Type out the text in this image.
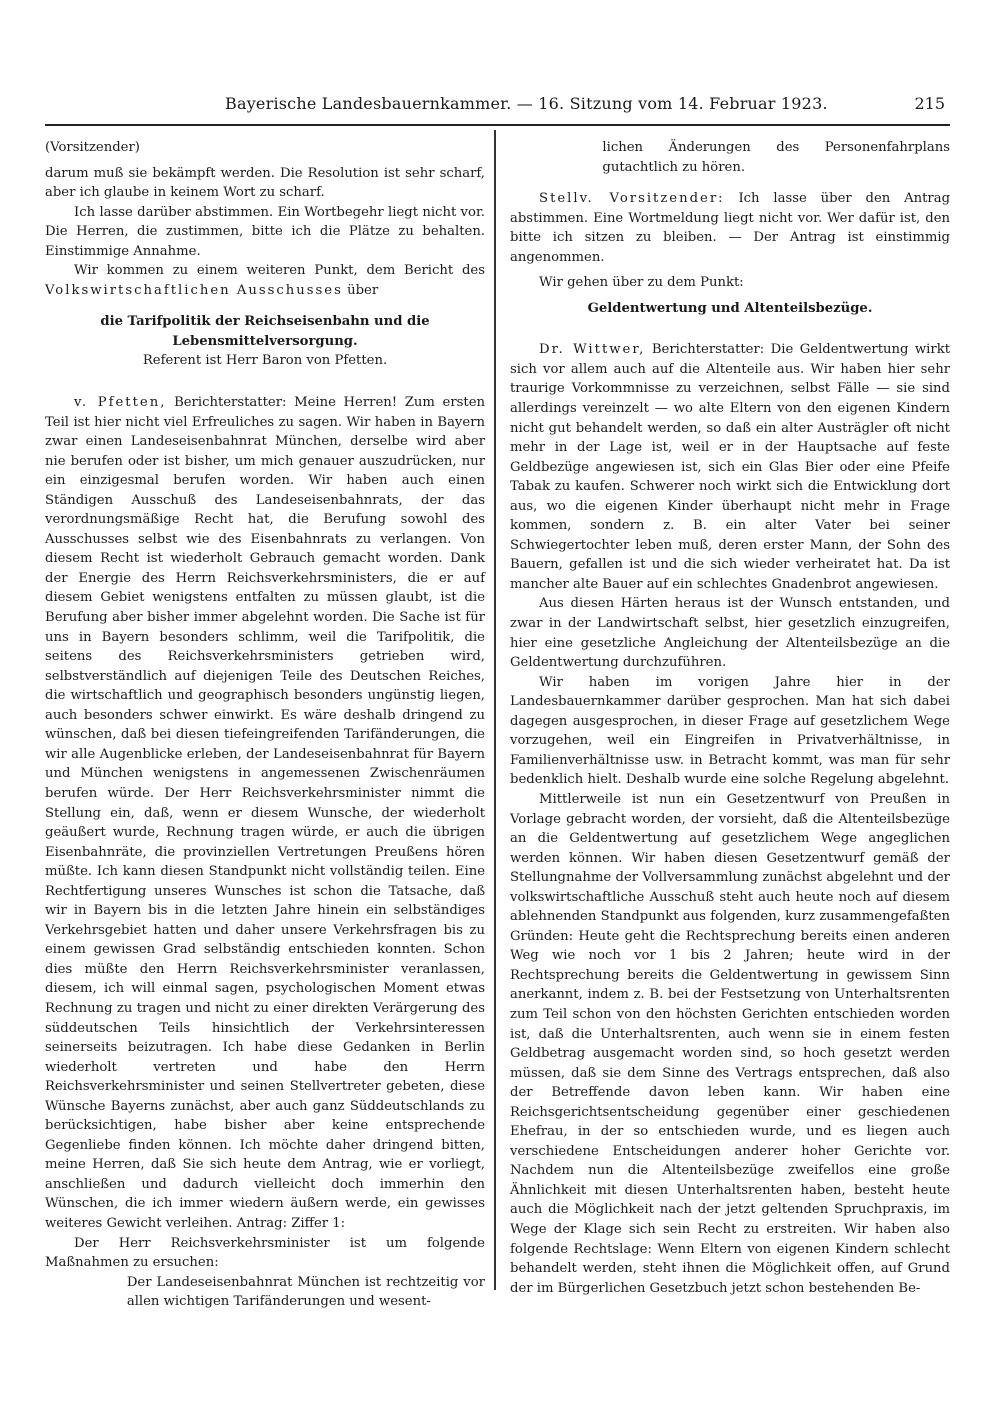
Bayerische Landesbauernkammer. — 16. Sitzung vom 14. Februar 1923.	215

(Vorsitzender)

darum muß sie bekämpft werden. Die Resolution ist sehr scharf, aber ich glaube in keinem Wort zu scharf.

Ich lasse darüber abstimmen. Ein Wortbegehr liegt nicht vor. Die Herren, die zustimmen, bitte ich die Plätze zu behalten. Einstimmige Annahme.

Wir kommen zu einem weiteren Punkt, dem Bericht des Volkswirtschaftlichen Ausschusses über

die Tarifpolitik der Reichseisenbahn und die Lebensmittelversorgung.

Referent ist Herr Baron von Pfetten.

v. Pfetten, Berichterstatter: Meine Herren! Zum ersten Teil ist hier nicht viel Erfreuliches zu sagen. Wir haben in Bayern zwar einen Landeseisenbahnrat München, derselbe wird aber nie berufen oder ist bisher, um mich genauer auszudrücken, nur ein einzigesmal berufen worden. Wir haben auch einen Ständigen Ausschuß des Landeseisenbahnrats, der das verordnungsmäßige Recht hat, die Berufung sowohl des Ausschusses selbst wie des Eisenbahnrats zu verlangen. Von diesem Recht ist wiederholt Gebrauch gemacht worden. Dank der Energie des Herrn Reichsverkehrsministers, die er auf diesem Gebiet wenigstens entfalten zu müssen glaubt, ist die Berufung aber bisher immer abgelehnt worden. Die Sache ist für uns in Bayern besonders schlimm, weil die Tarifpolitik, die seitens des Reichsverkehrsministers getrieben wird, selbstverständlich auf diejenigen Teile des Deutschen Reiches, die wirtschaftlich und geographisch besonders ungünstig liegen, auch besonders schwer einwirkt. Es wäre deshalb dringend zu wünschen, daß bei diesen tiefeingreifenden Tarifänderungen, die wir alle Augenblicke erleben, der Landeseisenbahnrat für Bayern und München wenigstens in angemessenen Zwischenräumen berufen würde. Der Herr Reichsverkehrsminister nimmt die Stellung ein, daß, wenn er diesem Wunsche, der wiederholt geäußert wurde, Rechnung tragen würde, er auch die übrigen Eisenbahnräte, die provinziellen Vertretungen Preußens hören müßte. Ich kann diesen Standpunkt nicht vollständig teilen. Eine Rechtfertigung unseres Wunsches ist schon die Tatsache, daß wir in Bayern bis in die letzten Jahre hinein ein selbständiges Verkehrsgebiet hatten und daher unsere Verkehrsfragen bis zu einem gewissen Grad selbständig entschieden konnten. Schon dies müßte den Herrn Reichsverkehrsminister veranlassen, diesem, ich will einmal sagen, psychologischen Moment etwas Rechnung zu tragen und nicht zu einer direkten Verärgerung des süddeutschen Teils hinsichtlich der Verkehrsinteressen seinerseits beizutragen. Ich habe diese Gedanken in Berlin wiederholt vertreten und habe den Herrn Reichsverkehrsminister und seinen Stellvertreter gebeten, diese Wünsche Bayerns zunächst, aber auch ganz Süddeutschlands zu berücksichtigen, habe bisher aber keine entsprechende Gegenliebe finden können. Ich möchte daher dringend bitten, meine Herren, daß Sie sich heute dem Antrag, wie er vorliegt, anschließen und dadurch vielleicht doch immerhin den Wünschen, die ich immer wiedern äußern werde, ein gewisses weiteres Gewicht verleihen. Antrag: Ziffer 1:

Der Herr Reichsverkehrsminister ist um folgende Maßnahmen zu ersuchen:

Der Landeseisenbahnrat München ist rechtzeitig vor allen wichtigen Tarifänderungen und wesent-

lichen Änderungen des Personenfahrplans gutachtlich zu hören.

Stellv. Vorsitzender: Ich lasse über den Antrag abstimmen. Eine Wortmeldung liegt nicht vor. Wer dafür ist, den bitte ich sitzen zu bleiben. — Der Antrag ist einstimmig angenommen.

Wir gehen über zu dem Punkt:

Geldentwertung und Altenteilsbezüge.

Dr. Wittwer, Berichterstatter: Die Geldentwertung wirkt sich vor allem auch auf die Altenteile aus. Wir haben hier sehr traurige Vorkommnisse zu verzeichnen, selbst Fälle — sie sind allerdings vereinzelt — wo alte Eltern von den eigenen Kindern nicht gut behandelt werden, so daß ein alter Austrägler oft nicht mehr in der Lage ist, weil er in der Hauptsache auf feste Geldbezüge angewiesen ist, sich ein Glas Bier oder eine Pfeife Tabak zu kaufen. Schwerer noch wirkt sich die Entwicklung dort aus, wo die eigenen Kinder überhaupt nicht mehr in Frage kommen, sondern z. B. ein alter Vater bei seiner Schwiegertochter leben muß, deren erster Mann, der Sohn des Bauern, gefallen ist und die sich wieder verheiratet hat. Da ist mancher alte Bauer auf ein schlechtes Gnadenbrot angewiesen.

Aus diesen Härten heraus ist der Wunsch entstanden, und zwar in der Landwirtschaft selbst, hier gesetzlich einzugreifen, hier eine gesetzliche Angleichung der Altenteilsbezüge an die Geldentwertung durchzuführen.

Wir haben im vorigen Jahre hier in der Landesbauernkammer darüber gesprochen. Man hat sich dabei dagegen ausgesprochen, in dieser Frage auf gesetzlichem Wege vorzugehen, weil ein Eingreifen in Privatverhältnisse, in Familienverhältnisse usw. in Betracht kommt, was man für sehr bedenklich hielt. Deshalb wurde eine solche Regelung abgelehnt.

Mittlerweile ist nun ein Gesetzentwurf von Preußen in Vorlage gebracht worden, der vorsieht, daß die Altenteilsbezüge an die Geldentwertung auf gesetzlichem Wege angeglichen werden können. Wir haben diesen Gesetzentwurf gemäß der Stellungnahme der Vollversammlung zunächst abgelehnt und der volkswirtschaftliche Ausschuß steht auch heute noch auf diesem ablehnenden Standpunkt aus folgenden, kurz zusammengefaßten Gründen: Heute geht die Rechtsprechung bereits einen anderen Weg wie noch vor 1 bis 2 Jahren; heute wird in der Rechtsprechung bereits die Geldentwertung in gewissem Sinn anerkannt, indem z. B. bei der Festsetzung von Unterhaltsrenten zum Teil schon von den höchsten Gerichten entschieden worden ist, daß die Unterhaltsrenten, auch wenn sie in einem festen Geldbetrag ausgemacht worden sind, so hoch gesetzt werden müssen, daß sie dem Sinne des Vertrags entsprechen, daß also der Betreffende davon leben kann. Wir haben eine Reichsgerichtsentscheidung gegenüber einer geschiedenen Ehefrau, in der so entschieden wurde, und es liegen auch verschiedene Entscheidungen anderer hoher Gerichte vor. Nachdem nun die Altenteilsbezüge zweifellos eine große Ähnlichkeit mit diesen Unterhaltsrenten haben, besteht heute auch die Möglichkeit nach der jetzt geltenden Spruchpraxis, im Wege der Klage sich sein Recht zu erstreiten. Wir haben also folgende Rechtslage: Wenn Eltern von eigenen Kindern schlecht behandelt werden, steht ihnen die Möglichkeit offen, auf Grund der im Bürgerlichen Gesetzbuch jetzt schon bestehenden Be-
